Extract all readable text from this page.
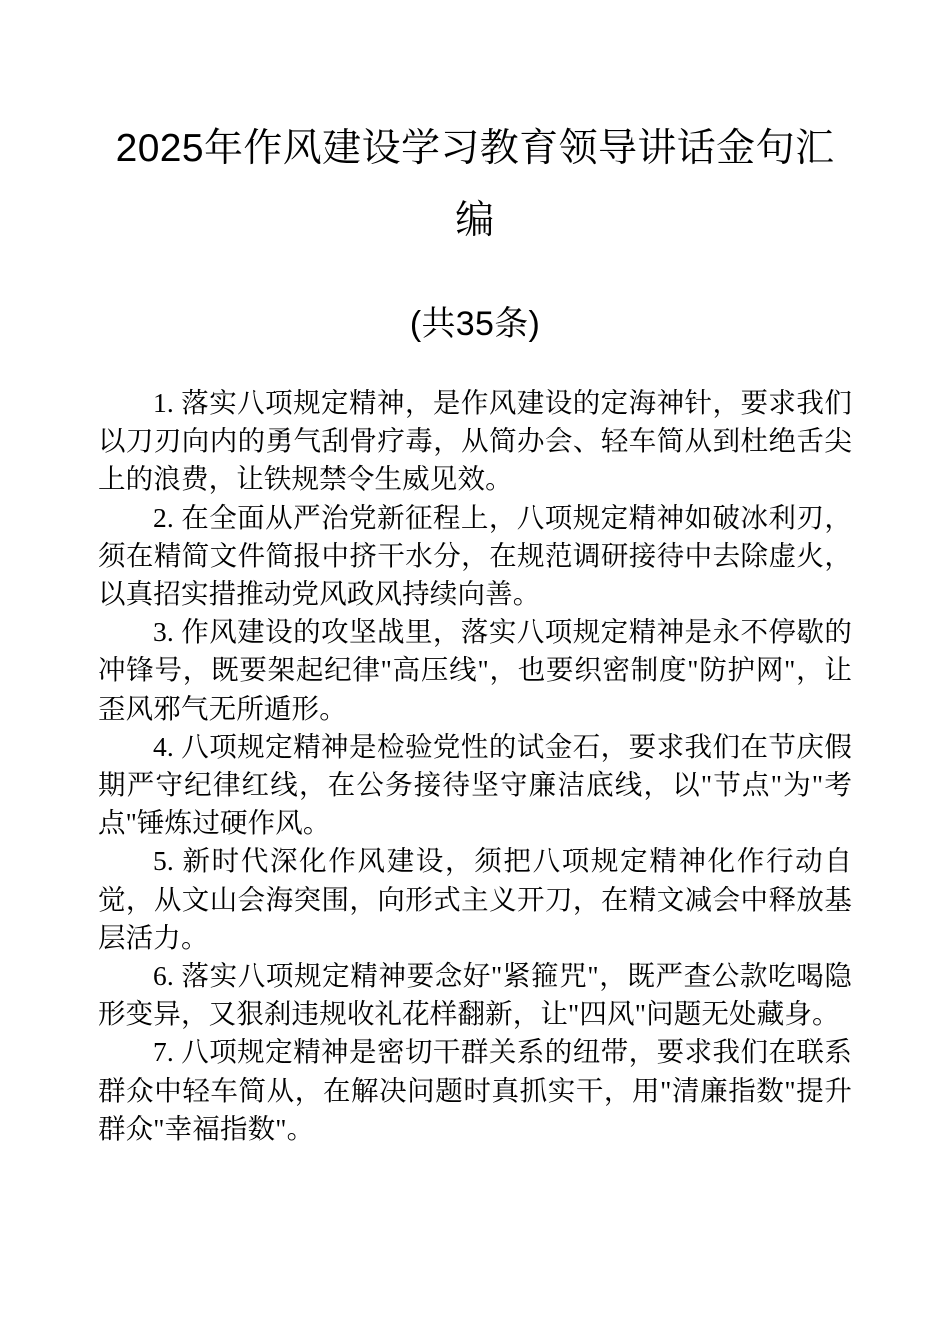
2025年作风建设学习教育领导讲话金句汇编
(共35条)

1. 落实八项规定精神，是作风建设的定海神针，要求我们以刀刃向内的勇气刮骨疗毒，从简办会、轻车简从到杜绝舌尖上的浪费，让铁规禁令生威见效。

2. 在全面从严治党新征程上，八项规定精神如破冰利刃，须在精简文件简报中挤干水分，在规范调研接待中去除虚火，以真招实措推动党风政风持续向善。

3. 作风建设的攻坚战里，落实八项规定精神是永不停歇的冲锋号，既要架起纪律"高压线"，也要织密制度"防护网"，让歪风邪气无所遁形。

4. 八项规定精神是检验党性的试金石，要求我们在节庆假期严守纪律红线，在公务接待坚守廉洁底线，以"节点"为"考点"锤炼过硬作风。

5. 新时代深化作风建设，须把八项规定精神化作行动自觉，从文山会海突围，向形式主义开刀，在精文减会中释放基层活力。

6. 落实八项规定精神要念好"紧箍咒"，既严查公款吃喝隐形变异，又狠刹违规收礼花样翻新，让"四风"问题无处藏身。

7. 八项规定精神是密切干群关系的纽带，要求我们在联系群众中轻车简从，在解决问题时真抓实干，用"清廉指数"提升群众"幸福指数"。
